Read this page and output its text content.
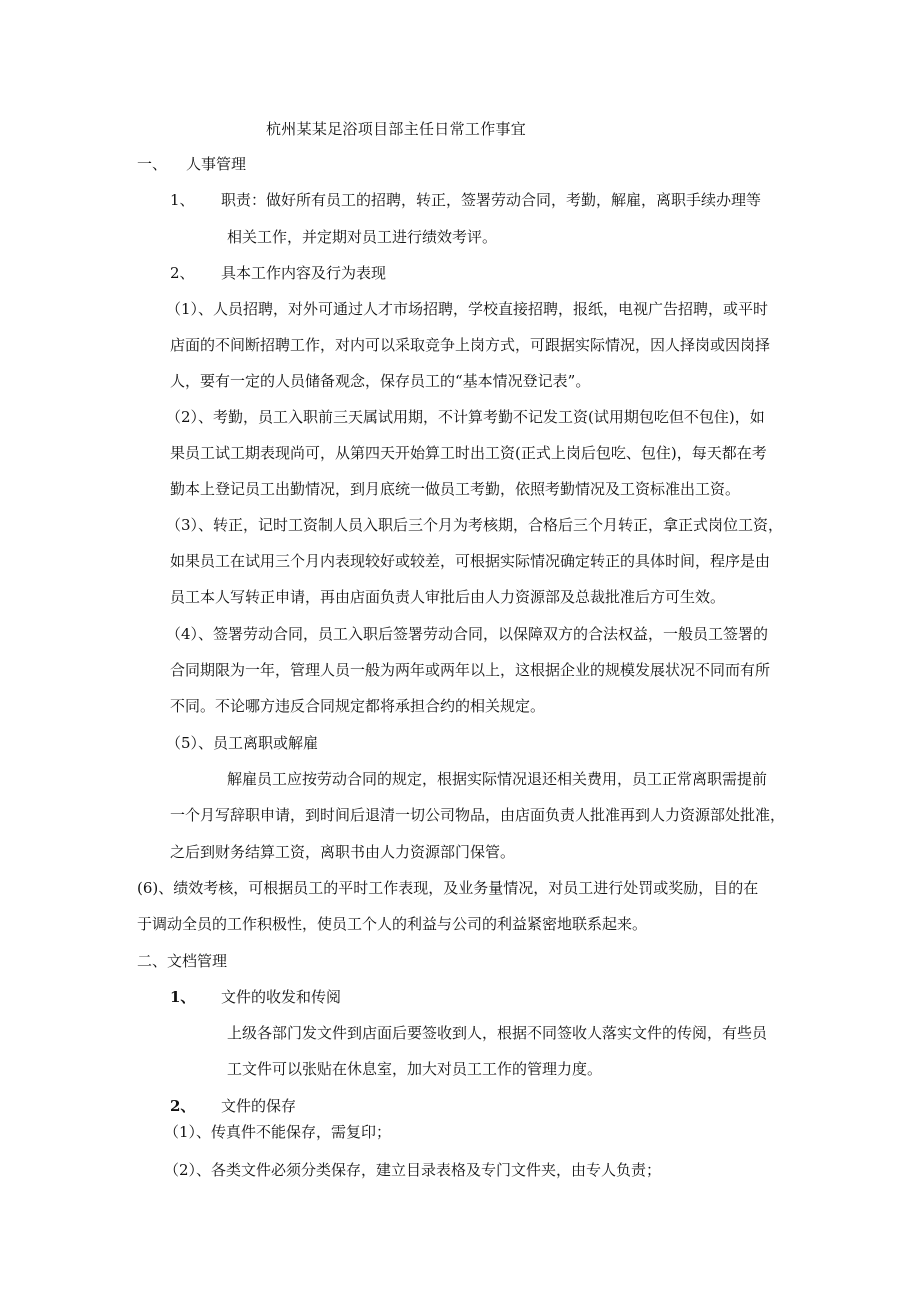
杭州某某足浴项目部主任日常工作事宜
一、 人事管理
1、 职责：做好所有员工的招聘，转正，签署劳动合同，考勤，解雇，离职手续办理等
相关工作，并定期对员工进行绩效考评。
2、 具本工作内容及行为表现
（1）、人员招聘，对外可通过人才市场招聘，学校直接招聘，报纸，电视广告招聘，或平时
店面的不间断招聘工作，对内可以采取竞争上岗方式，可跟据实际情况，因人择岗或因岗择
人，要有一定的人员储备观念，保存员工的“基本情况登记表”。
（2）、考勤，员工入职前三天属试用期，不计算考勤不记发工资(试用期包吃但不包住)，如
果员工试工期表现尚可，从第四天开始算工时出工资(正式上岗后包吃、包住)，每天都在考
勤本上登记员工出勤情况，到月底统一做员工考勤，依照考勤情况及工资标准出工资。
（3）、转正，记时工资制人员入职后三个月为考核期，合格后三个月转正，拿正式岗位工资，
如果员工在试用三个月内表现较好或较差，可根据实际情况确定转正的具体时间，程序是由
员工本人写转正申请，再由店面负责人审批后由人力资源部及总裁批准后方可生效。
（4）、签署劳动合同，员工入职后签署劳动合同，以保障双方的合法权益，一般员工签署的
合同期限为一年，管理人员一般为两年或两年以上，这根据企业的规模发展状况不同而有所
不同。不论哪方违反合同规定都将承担合约的相关规定。
（5）、员工离职或解雇
解雇员工应按劳动合同的规定，根据实际情况退还相关费用，员工正常离职需提前
一个月写辞职申请，到时间后退清一切公司物品，由店面负责人批准再到人力资源部处批准，
之后到财务结算工资，离职书由人力资源部门保管。
(6)、绩效考核，可根据员工的平时工作表现，及业务量情况，对员工进行处罚或奖励，目的在
于调动全员的工作积极性，使员工个人的利益与公司的利益紧密地联系起来。
二、文档管理
1、 文件的收发和传阅
上级各部门发文件到店面后要签收到人，根据不同签收人落实文件的传阅，有些员
工文件可以张贴在休息室，加大对员工工作的管理力度。
2、 文件的保存
（1）、传真件不能保存，需复印；
（2）、各类文件必须分类保存，建立目录表格及专门文件夹，由专人负责；
